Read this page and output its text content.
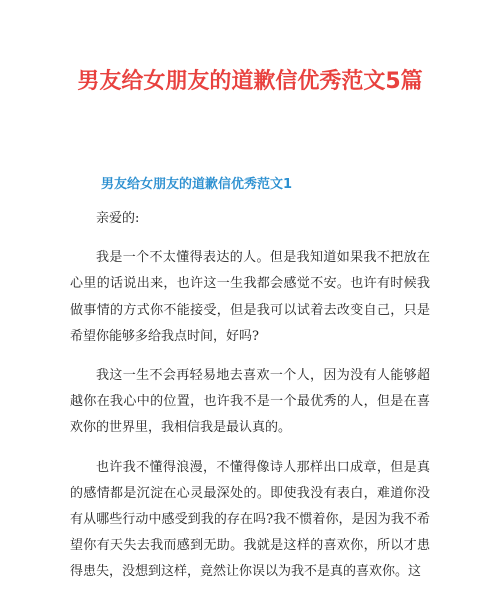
男友给女朋友的道歉信优秀范文5篇
男友给女朋友的道歉信优秀范文1

亲爱的:

我是一个不太懂得表达的人。但是我知道如果我不把放在心里的话说出来，也许这一生我都会感觉不安。也许有时候我做事情的方式你不能接受，但是我可以试着去改变自己，只是希望你能够多给我点时间，好吗?

我这一生不会再轻易地去喜欢一个人，因为没有人能够超越你在我心中的位置，也许我不是一个最优秀的人，但是在喜欢你的世界里，我相信我是最认真的。

也许我不懂得浪漫，不懂得像诗人那样出口成章，但是真的感情都是沉淀在心灵最深处的。即使我没有表白，难道你没有从哪些行动中感受到我的存在吗?我不惯着你，是因为我不希望你有天失去我而感到无助。我就是这样的喜欢你，所以才患得患失，没想到这样，竟然让你误以为我不是真的喜欢你。这
